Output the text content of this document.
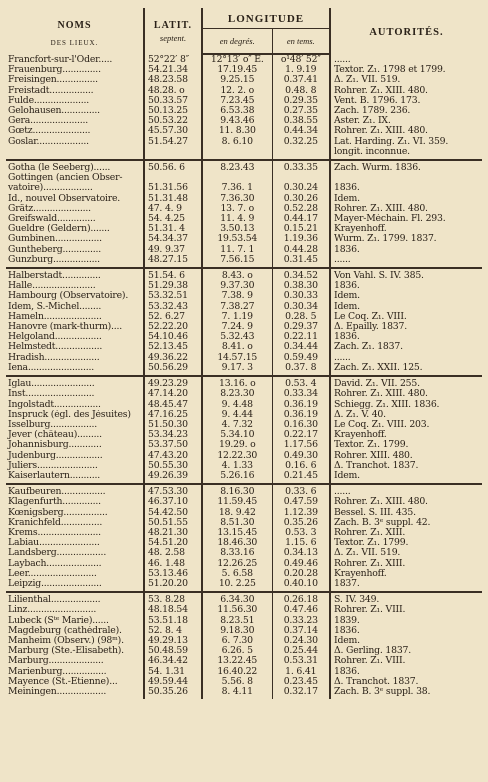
NOMS
DES LIEUX.	LATIT.
septent.	LONGITUDE		AUTORITÉS.
		en degrés.	en tems.	
Francfort-sur-l'Oder.....	52°22′ 8″	12°13′ o″ E.	o¹48′ 52″	......
Frauenburg..............	54.21.34	17.19.45	1. 9.19	Textor. Z₁. 1798 et 1799.
Freisingen...............	48.23.58	9.25.15	0.37.41	Δ. Z₁. VII. 519.
Freistadt................	48.28. o	12. 2. o	0.48. 8	Rohrer. Z₁. XIII. 480.
Fulde....................	50.33.57	7.23.45	0.29.35	Vent. B. 1796. 173.
Gelohausen..............	50.13.25	6.53.38	0.27.35	Zach. 1789. 236.
Gera.....................	50.53.22	9.43.46	0.38.55	Aster. Z₁. IX.
Gœtz.....................	45.57.30	11. 8.30	0.44.34	Rohrer. Z₁. XIII. 480.
Goslar...................	51.54.27	8. 6.10	0.32.25	Lat. Harding. Z₁. VI. 359.
				longit. inconnue.
Gotha (le Seeberg)......	50.56. 6	8.23.43	0.33.35	Zach. Wurm. 1836.
Gottingen (ancien Obser-				
vatoire)..................	51.31.56	7.36. 1	0.30.24	1836.
Id., nouvel Observatoire.	51.31.48	7.36.30	0.30.26	Idem.
Grätz.....................	47. 4. 9	13. 7. o	0.52.28	Rohrer. Z₁. XIII. 480.
Greifswald..............	54. 4.25	11. 4. 9	0.44.17	Mayer-Méchain. Fl. 293.
Gueldre (Geldern).......	51.31. 4	3.50.13	0.15.21	Krayenhoff.
Gumbinen.................	54.34.37	19.53.54	1.19.36	Wurm. Z₁. 1799. 1837.
Guntheberg..............	49. 9.37	11. 7. 1	0.44.28	1836.
Gunzburg.................	48.27.15	7.56.15	0.31.45	......
Halberstadt..............	51.54. 6	8.43. o	0.34.52	Von Vahl. S. IV. 385.
Halle.......................	51.29.38	9.37.30	0.38.30	1836.
Hambourg (Observatoire).	53.32.51	7.38. 9	0.30.33	Idem.
Idem, S.-Michel........	53.32.43	7.38.27	0.30.34	Idem.
Hameln.....................	52. 6.27	7. 1.19	0.28. 5	Le Coq. Z₁. VIII.
Hanovre (mark-thurm)....	52.22.20	7.24. 9	0.29.37	Δ. Epailly. 1837.
Helgoland.................	54.10.46	5.32.43	0.22.11	1836.
Helmstedt.................	52.13.45	8.41. o	0.34.44	Zach. Z₁. 1837.
Hradish....................	49.36.22	14.57.15	0.59.49	......
Iena........................	50.56.29	9.17. 3	0.37. 8	Zach. Z₁. XXII. 125.
Iglau.......................	49.23.29	13.16. o	0.53. 4	David. Z₁. VII. 255.
Inst.........................	47.14.20	8.23.30	0.33.34	Rohrer. Z₁. XIII. 480.
Ingolstadt.................	48.45.47	9. 4.48	0.36.19	Schiegg. Z₁. XIII. 1836.
Inspruck (égl. des Jésuites)	47.16.25	9. 4.44	0.36.19	Δ. Z₁. V. 40.
Isselburg.................	51.50.30	4. 7.32	0.16.30	Le Coq. Z₁. VIII. 203.
Jever (château).........	53.34.23	5.34.10	0.22.17	Krayenhoff.
Johannisburg............	53.37.50	19.29. o	1.17.56	Textor. Z₁. 1799.
Judenburg.................	47.43.20	12.22.30	0.49.30	Rohrer. XIII. 480.
Juliers......................	50.55.30	4. 1.33	0.16. 6	Δ. Tranchot. 1837.
Kaiserlautern...........	49.26.39	5.26.16	0.21.45	Idem.
Kaufbeuren................	47.53.30	8.16.30	0.33. 6	......
Klagenfurth..............	46.37.10	11.59.45	0.47.59	Rohrer. Z₁. XIII. 480.
Kœnigsberg................	54.42.50	18. 9.42	1.12.39	Bessel. S. III. 435.
Kranichfeld...............	50.51.55	8.51.30	0.35.26	Zach. B. 3ᵉ suppl. 42.
Krems.......................	48.21.30	13.15.45	0.53. 3	Rohrer. Z₁. XIII.
Labiau......................	54.51.20	18.46.30	1.15. 6	Textor. Z₁. 1799.
Landsberg..................	48. 2.58	8.33.16	0.34.13	Δ. Z₁. VII. 519.
Laybach....................	46. 1.48	12.26.25	0.49.46	Rohrer. Z₁. XIII.
Leer.........................	53.13.46	5. 6.58	0.20.28	Krayenhoff.
Leipzig......................	51.20.20	10. 2.25	0.40.10	1837.
Lilienthal..................	53. 8.28	6.34.30	0.26.18	S. IV. 349.
Linz.........................	48.18.54	11.56.30	0.47.46	Rohrer. Z₁. VIII.
Lubeck (Sᵗᵉ Marie)......	53.51.18	8.23.51	0.33.23	1839.
Magdeburg (cathédrale).	52. 8. 4	9.18.30	0.37.14	1836.
Manheim (Observ.) (98ᵐ).	49.29.13	6. 7.30	0.24.30	Idem.
Marburg (Ste.-Elisabeth).	50.48.59	6.26. 5	0.25.44	Δ. Gerling. 1837.
Marburg....................	46.34.42	13.22.45	0.53.31	Rohrer. Z₁. VIII.
Marienburg................	54. 1.31	16.40.22	1. 6.41	1836.
Mayence (St.-Étienne)...	49.59.44	5.56. 8	0.23.45	Δ. Tranchot. 1837.
Meiningen..................	50.35.26	8. 4.11	0.32.17	Zach. B. 3ᵉ suppl. 38.
